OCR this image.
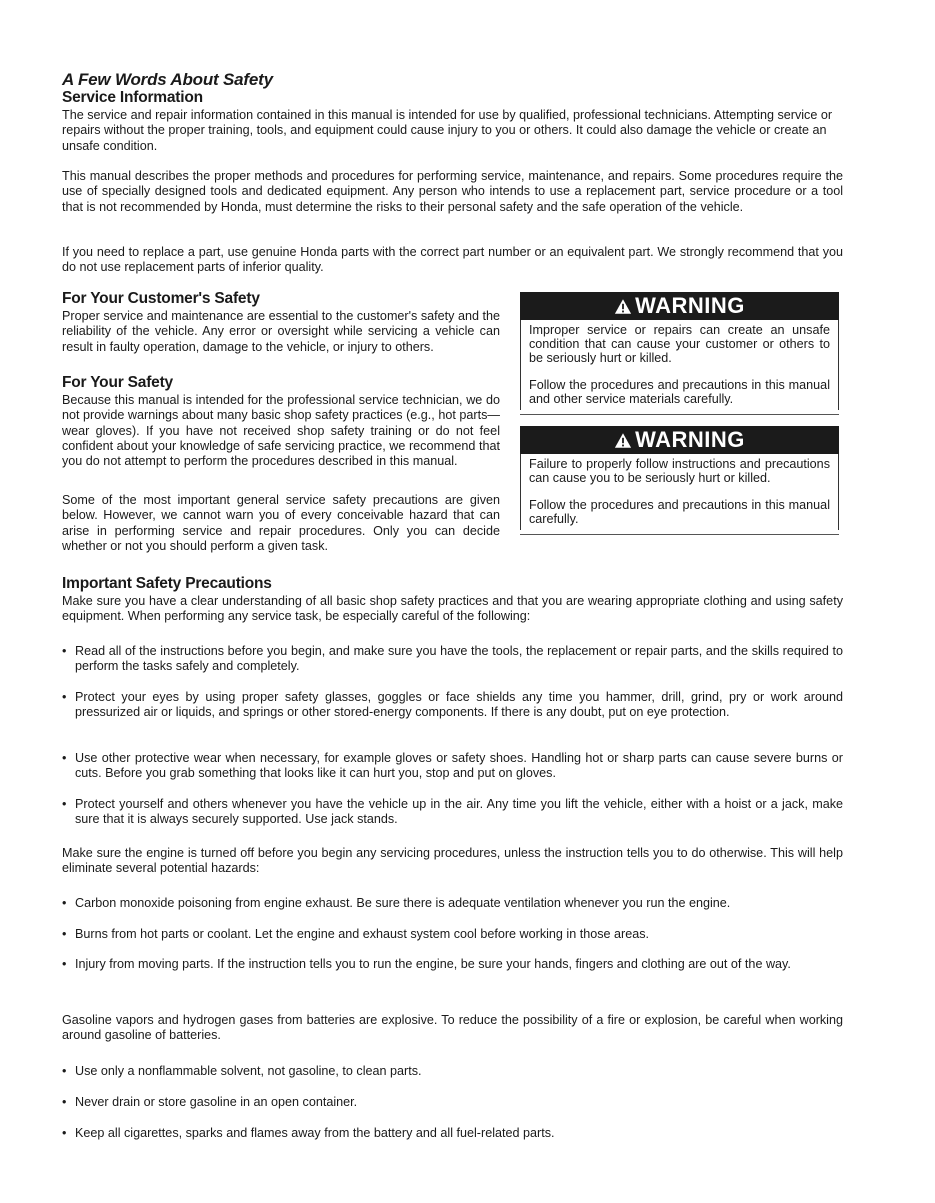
A Few Words About Safety
Service Information

The service and repair information contained in this manual is intended for use by qualified, professional technicians. Attempting service or repairs without the proper training, tools, and equipment could cause injury to you or others. It could also damage the vehicle or create an unsafe condition.

This manual describes the proper methods and procedures for performing service, maintenance, and repairs. Some procedures require the use of specially designed tools and dedicated equipment. Any person who intends to use a replacement part, service procedure or a tool that is not recommended by Honda, must determine the risks to their personal safety and the safe operation of the vehicle.

If you need to replace a part, use genuine Honda parts with the correct part number or an equivalent part. We strongly recommend that you do not use replacement parts of inferior quality.

For Your Customer's Safety

Proper service and maintenance are essential to the customer's safety and the reliability of the vehicle. Any error or oversight while servicing a vehicle can result in faulty operation, damage to the vehicle, or injury to others.

For Your Safety

Because this manual is intended for the professional service technician, we do not provide warnings about many basic shop safety practices (e.g., hot parts—wear gloves). If you have not received shop safety training or do not feel confident about your knowledge of safe servicing practice, we recommend that you do not attempt to perform the procedures described in this manual.

Some of the most important general service safety precautions are given below. However, we cannot warn you of every conceivable hazard that can arise in performing service and repair procedures. Only you can decide whether or not you should perform a given task.

WARNING

Improper service or repairs can create an unsafe condition that can cause your customer or others to be seriously hurt or killed.

Follow the procedures and precautions in this manual and other service materials carefully.

WARNING

Failure to properly follow instructions and precautions can cause you to be seriously hurt or killed.

Follow the procedures and precautions in this manual carefully.

Important Safety Precautions

Make sure you have a clear understanding of all basic shop safety practices and that you are wearing appropriate clothing and using safety equipment. When performing any service task, be especially careful of the following:

• Read all of the instructions before you begin, and make sure you have the tools, the replacement or repair parts, and the skills required to perform the tasks safely and completely.
• Protect your eyes by using proper safety glasses, goggles or face shields any time you hammer, drill, grind, pry or work around pressurized air or liquids, and springs or other stored-energy components. If there is any doubt, put on eye protection.
• Use other protective wear when necessary, for example gloves or safety shoes. Handling hot or sharp parts can cause severe burns or cuts. Before you grab something that looks like it can hurt you, stop and put on gloves.
• Protect yourself and others whenever you have the vehicle up in the air. Any time you lift the vehicle, either with a hoist or a jack, make sure that it is always securely supported. Use jack stands.

Make sure the engine is turned off before you begin any servicing procedures, unless the instruction tells you to do otherwise. This will help eliminate several potential hazards:

• Carbon monoxide poisoning from engine exhaust. Be sure there is adequate ventilation whenever you run the engine.
• Burns from hot parts or coolant. Let the engine and exhaust system cool before working in those areas.
• Injury from moving parts. If the instruction tells you to run the engine, be sure your hands, fingers and clothing are out of the way.

Gasoline vapors and hydrogen gases from batteries are explosive. To reduce the possibility of a fire or explosion, be careful when working around gasoline of batteries.

• Use only a nonflammable solvent, not gasoline, to clean parts.
• Never drain or store gasoline in an open container.
• Keep all cigarettes, sparks and flames away from the battery and all fuel-related parts.
